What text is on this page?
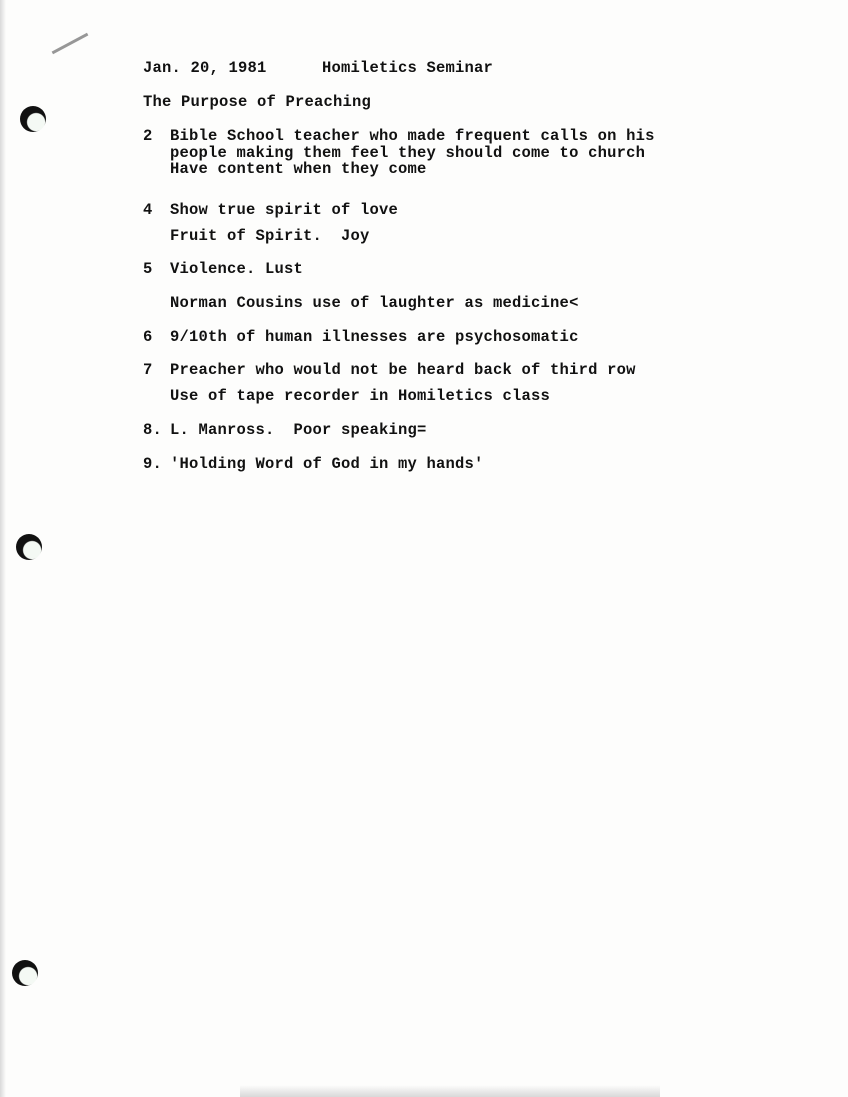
Jan. 20, 1981	Homiletics Seminar
The Purpose of Preaching
2 Bible School teacher who made frequent calls on his
people making them feel they should come to church
Have content when they come
4 Show true spirit of love
Fruit of Spirit.  Joy
5 Violence. Lust
Norman Cousins use of laughter as medicine<
6 9/10th of human illnesses are psychosomatic
7 Preacher who would not be heard back of third row
Use of tape recorder in Homiletics class
8. L. Manross.  Poor speaking=
9. 'Holding Word of God in my hands'
